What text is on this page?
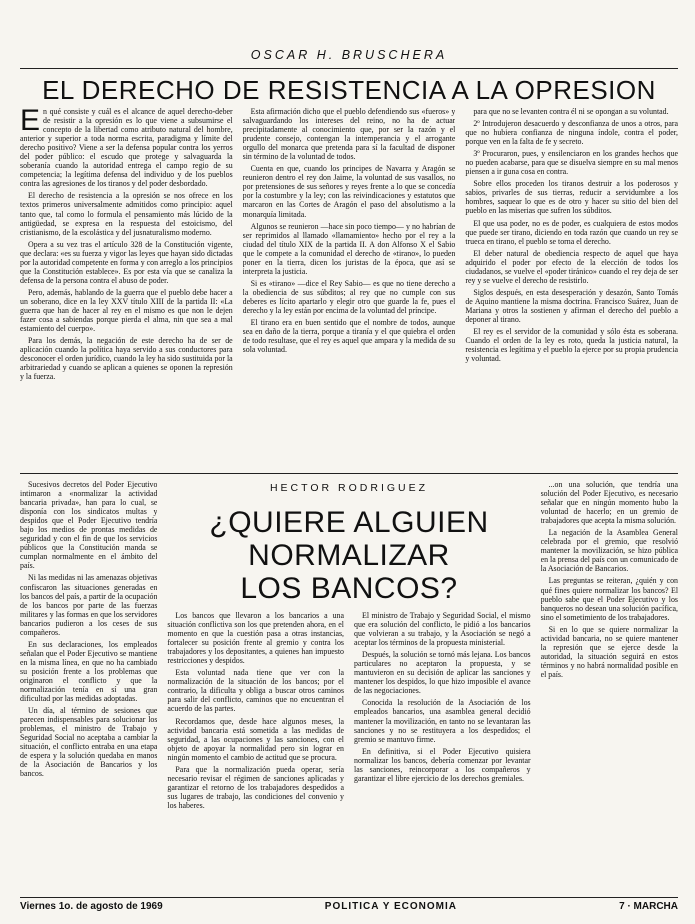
OSCAR H. BRUSCHERA
EL DERECHO DE RESISTENCIA A LA OPRESION

En qué consiste y cuál es el alcance de aquel derecho-deber de resistir a la opresión es lo que viene a subsumirse el concepto de la libertad como atributo natural del hombre, anterior y superior a toda norma escrita, paradigma y límite del derecho positivo? Viene a ser la defensa popular contra los yerros del poder público: el escudo que protege y salvaguarda la soberanía cuando la autoridad entrega el campo regio de su competencia; la legítima defensa del individuo y de los pueblos contra las agresiones de los tiranos y del poder desbordado.

El derecho de resistencia a la opresión se nos ofrece en los textos primeros universalmente admitidos como principio: aquel tanto que, tal como lo formula el pensamiento más lúcido de la antigüedad, se expresa en la respuesta del estoicismo, del cristianismo, de la escolástica y del jusnaturalismo moderno.

Opera a su vez tras el artículo 328 de la Constitución vigente, que declara: «es su fuerza y vigor las leyes que hayan sido dictadas por la autoridad competente en forma y con arreglo a los principios que la Constitución establece». Es por esta vía que se canaliza la defensa de la persona contra el abuso de poder.

Pero, además, hablando de la guerra que el pueblo debe hacer a un soberano, dice en la ley XXV título XIII de la partida II: «La guerra que han de hacer al rey en el mismo es que non le dejen fazer cosa a sabiendas porque pierda el alma, nin que sea a mal estamiento del cuerpo».

Para los demás, la negación de este derecho ha de ser de aplicación cuando la política haya servido a sus conductores para desconocer el orden jurídico, cuando la ley ha sido sustituida por la arbitrariedad y cuando se aplican a quienes se oponen la represión y la fuerza.

Esta afirmación dicho que el pueblo defendiendo sus «fueros» y salvaguardando los intereses del reino, no ha de actuar precipitadamente al conocimiento que, por ser la razón y el prudente consejo, contengan la intemperancia y el arrogante orgullo del monarca que pretenda para sí la facultad de disponer sin término de la voluntad de todos.

Cuenta en que, cuando los principes de Navarra y Aragón se reunieron dentro el rey don Jaime, la voluntad de sus vasallos, no por pretensiones de sus señores y reyes frente a lo que se concedía por la costumbre y la ley; con las reivindicaciones y estatutos que marcaron en las Cortes de Aragón el paso del absolutismo a la monarquía limitada.

Algunos se reunieron —hace sin poco tiempo— y no habrían de ser reprimidos al llamado «llamamiento» hecho por el rey a la ciudad del título XIX de la partida II. A don Alfonso X el Sabio que le compete a la comunidad el derecho de «tirano», lo pueden poner en la tierra, dicen los juristas de la época, que así se interpreta la justicia.

Si es «tirano» —dice el Rey Sabio— es que no tiene derecho a la obediencia de sus súbditos; al rey que no cumple con sus deberes es lícito apartarlo y elegir otro que guarde la fe, pues el derecho y la ley están por encima de la voluntad del príncipe.

El tirano era en buen sentido que el nombre de todos, aunque sea en daño de la tierra, porque a tiranía y el que quiebra el orden de todo resultase, que el rey es aquel que ampara y la medida de su sola voluntad.

para que no se levanten contra él ni se opongan a su voluntad.

2º Introdujeron desacuerdo y desconfianza de unos a otros, para que no hubiera confianza de ninguna índole, contra el poder, porque ven en la falta de fe y secreto.

3º Procuraron, pues, y ensilenciaron en los grandes hechos que no pueden acabarse, para que se disuelva siempre en su mal menos piensen a ir guna cosa en contra.

Sobre ellos proceden los tiranos destruir a los poderosos y sabios, privarles de sus tierras, reducir a servidumbre a los hombres, saquear lo que es de otro y hacer su sitio del bien del pueblo en las miserias que sufren los súbditos.

El que usa poder, no es de poder, es cualquiera de estos modos que puede ser tirano, diciendo en toda razón que cuando un rey se trueca en tirano, el pueblo se torna el derecho.

El deber natural de obediencia respecto de aquel que haya adquirido el poder por efecto de la elección de todos los ciudadanos, se vuelve el «poder tiránico» cuando el rey deja de ser rey y se vuelve el derecho de resistirlo.

Siglos después, en esta desesperación y desazón, Santo Tomás de Aquino mantiene la misma doctrina. Francisco Suárez, Juan de Mariana y otros la sostienen y afirman el derecho del pueblo a deponer al tirano.

El rey es el servidor de la comunidad y sólo ésta es soberana. Cuando el orden de la ley es roto, queda la justicia natural, la resistencia es legítima y el pueblo la ejerce por su propia prudencia y voluntad.

Sucesivos decretos del Poder Ejecutivo intimaron a «normalizar la actividad bancaria privada», han para lo cual, se disponía con los sindicatos multas y despidos que el Poder Ejecutivo tendría bajo los medios de prontas medidas de seguridad y con el fin de que los servicios públicos que la Constitución manda se cumplan normalmente en el ámbito del país.

Ni las medidas ni las amenazas objetivas confiscaron las situaciones generadas en los bancos del país, a partir de la ocupación de los bancos por parte de las fuerzas militares y las formas en que los servidores bancarios pudieron a los ceses de sus compañeros.

En sus declaraciones, los empleados señalan que el Poder Ejecutivo se mantiene en la misma línea, en que no ha cambiado su posición frente a los problemas que originaron el conflicto y que la normalización tenía en sí una gran dificultad por las medidas adoptadas.

Un día, al término de sesiones que parecen indispensables para solucionar los problemas, el ministro de Trabajo y Seguridad Social no aceptaba a cambiar la situación, el conflicto entraba en una etapa de espera y la solución quedaba en manos de la Asociación de Bancarios y los bancos.

HECTOR RODRIGUEZ
¿QUIERE ALGUIEN
NORMALIZAR
LOS BANCOS?

Los bancos que llevaron a los bancarios a una situación conflictiva son los que pretenden ahora, en el momento en que la cuestión pasa a otras instancias, fortalecer su posición frente al gremio y contra los trabajadores y los depositantes, a quienes han impuesto restricciones y despidos.

Esta voluntad nada tiene que ver con la normalización de la situación de los bancos; por el contrario, la dificulta y obliga a buscar otros caminos para salir del conflicto, caminos que no encuentran el acuerdo de las partes.

Recordamos que, desde hace algunos meses, la actividad bancaria está sometida a las medidas de seguridad, a las ocupaciones y las sanciones, con el objeto de apoyar la normalidad pero sin lograr en ningún momento el cambio de actitud que se procura.

Para que la normalización pueda operar, sería necesario revisar el régimen de sanciones aplicadas y garantizar el retorno de los trabajadores despedidos a sus lugares de trabajo, las condiciones del convenio y los haberes.

El ministro de Trabajo y Seguridad Social, el mismo que era solución del conflicto, le pidió a los bancarios que volvieran a su trabajo, y la Asociación se negó a aceptar los términos de la propuesta ministerial.

Después, la solución se tornó más lejana. Los bancos particulares no aceptaron la propuesta, y se mantuvieron en su decisión de aplicar las sanciones y mantener los despidos, lo que hizo imposible el avance de las negociaciones.

Conocida la resolución de la Asociación de los empleados bancarios, una asamblea general decidió mantener la movilización, en tanto no se levantaran las sanciones y no se restituyera a los despedidos; el gremio se mantuvo firme.

En definitiva, si el Poder Ejecutivo quisiera normalizar los bancos, debería comenzar por levantar las sanciones, reincorporar a los compañeros y garantizar el libre ejercicio de los derechos gremiales.

...on una solución, que tendría una solución del Poder Ejecutivo, es necesario señalar que en ningún momento hubo la voluntad de hacerlo; en un gremio de trabajadores que acepta la misma solución.

La negación de la Asamblea General celebrada por el gremio, que resolvió mantener la movilización, se hizo pública en la prensa del país con un comunicado de la Asociación de Bancarios.

Las preguntas se reiteran, ¿quién y con qué fines quiere normalizar los bancos? El pueblo sabe que el Poder Ejecutivo y los banqueros no desean una solución pacífica, sino el sometimiento de los trabajadores.

Si en lo que se quiere normalizar la actividad bancaria, no se quiere mantener la represión que se ejerce desde la autoridad, la situación seguirá en estos términos y no habrá normalidad posible en el país.

Viernes 1o. de agosto de 1969	POLITICA Y ECONOMIA	7 · MARCHA
